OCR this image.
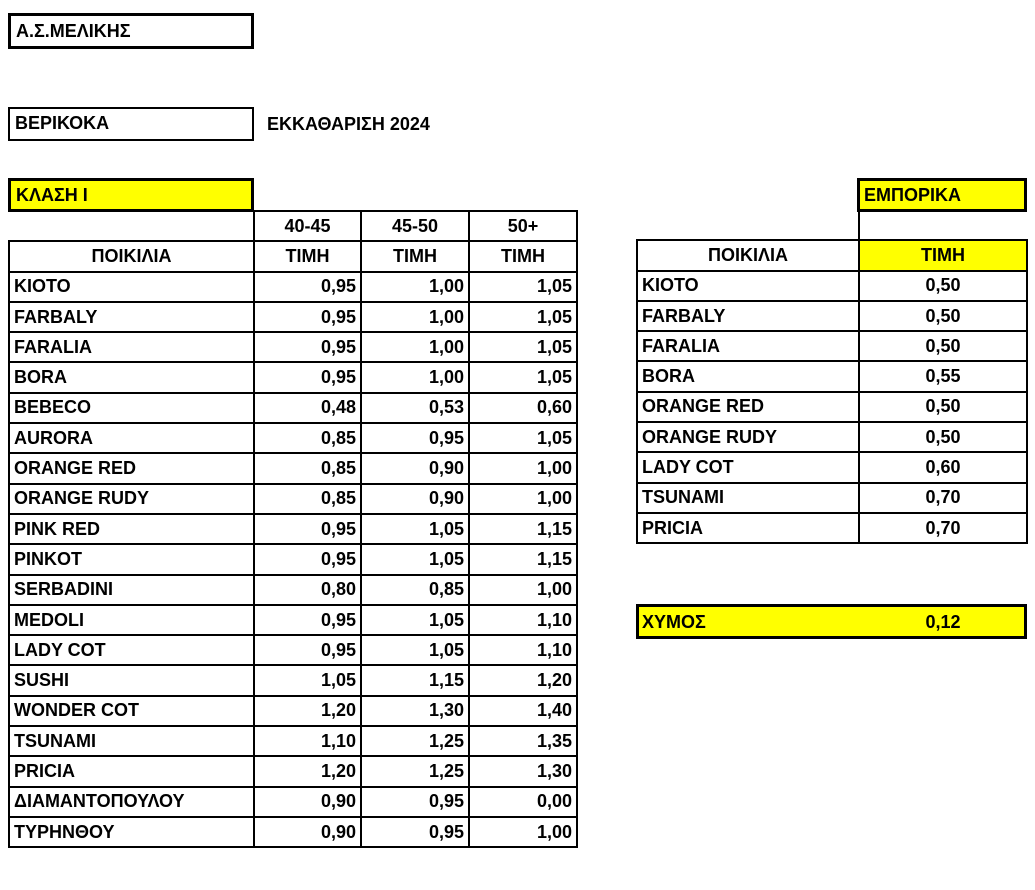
Α.Σ.ΜΕΛΙΚΗΣ
ΒΕΡΙΚΟΚΑ	ΕΚΚΑΘΑΡΙΣΗ 2024
ΚΛΑΣΗ Ι	ΕΜΠΟΡΙΚΑ
	40-45	45-50	50+
ΠΟΙΚΙΛΙΑ	ΤΙΜΗ	ΤΙΜΗ	ΤΙΜΗ
KIOTO	0,95	1,00	1,05
FARBALY	0,95	1,00	1,05
FARALIA	0,95	1,00	1,05
BORA	0,95	1,00	1,05
BEBECO	0,48	0,53	0,60
AURORA	0,85	0,95	1,05
ORANGE RED	0,85	0,90	1,00
ORANGE RUDY	0,85	0,90	1,00
PINK RED	0,95	1,05	1,15
PINKOT	0,95	1,05	1,15
SERBADINI	0,80	0,85	1,00
MEDOLI	0,95	1,05	1,10
LADY COT	0,95	1,05	1,10
SUSHI	1,05	1,15	1,20
WONDER COT	1,20	1,30	1,40
TSUNAMI	1,10	1,25	1,35
PRICIA	1,20	1,25	1,30
ΔΙΑΜΑΝΤΟΠΟΥΛΟΥ	0,90	0,95	0,00
ΤΥΡΗΝΘΟΥ	0,90	0,95	1,00

ΠΟΙΚΙΛΙΑ	ΤΙΜΗ
KIOTO	0,50
FARBALY	0,50
FARALIA	0,50
BORA	0,55
ORANGE RED	0,50
ORANGE RUDY	0,50
LADY COT	0,60
TSUNAMI	0,70
PRICIA	0,70
ΧΥΜΟΣ	0,12
